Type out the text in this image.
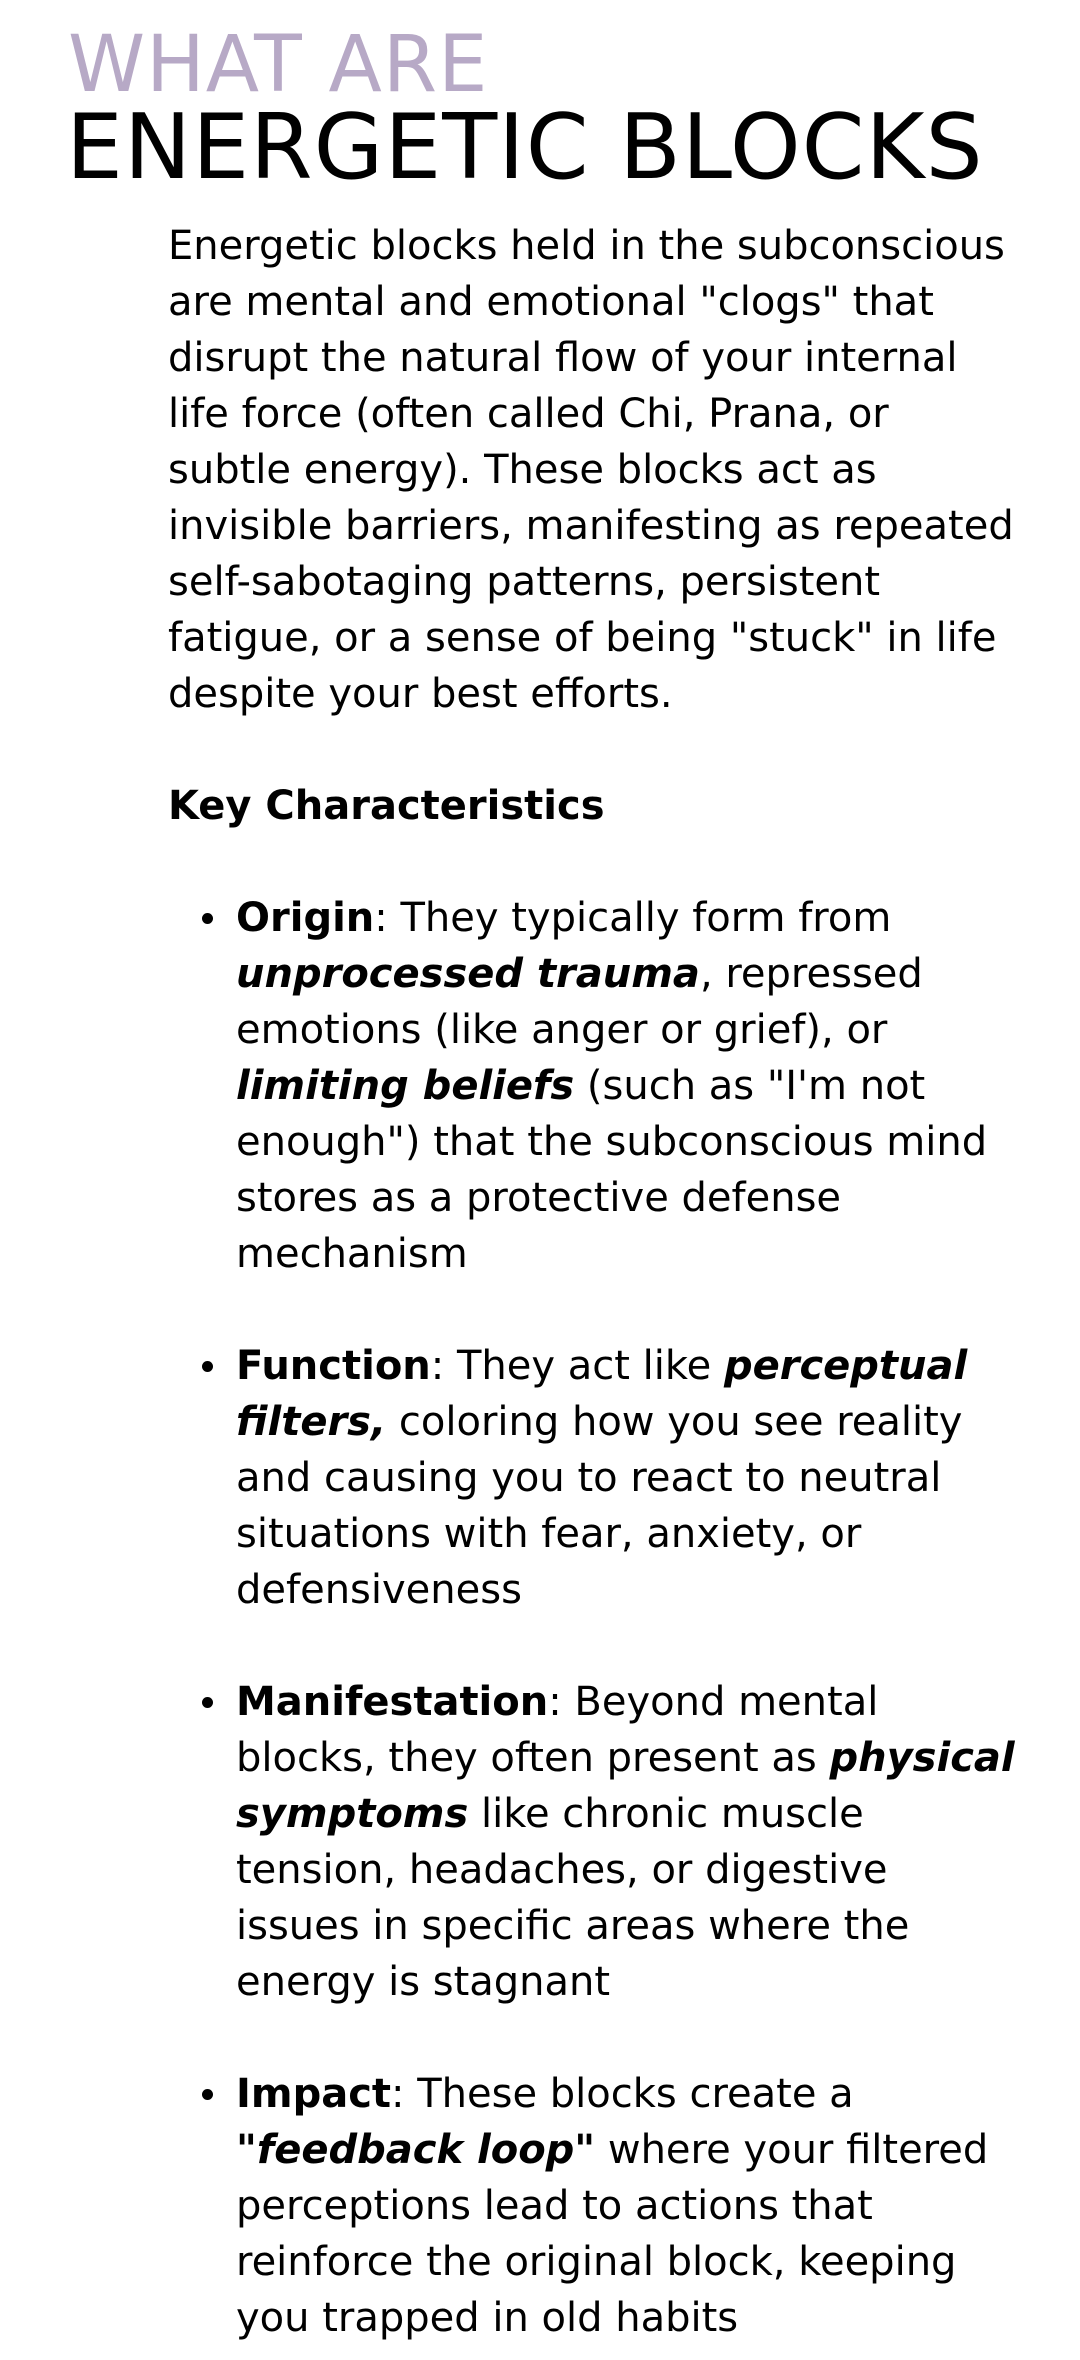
WHAT ARE
ENERGETIC BLOCKS

Energetic blocks held in the subconscious are mental and emotional "clogs" that disrupt the natural flow of your internal life force (often called Chi, Prana, or subtle energy). These blocks act as invisible barriers, manifesting as repeated self-sabotaging patterns, persistent fatigue, or a sense of being "stuck" in life despite your best efforts.

Key Characteristics

Origin: They typically form from unprocessed trauma, repressed emotions (like anger or grief), or limiting beliefs (such as "I'm not enough") that the subconscious mind stores as a protective defense mechanism
Function: They act like perceptual filters, coloring how you see reality and causing you to react to neutral situations with fear, anxiety, or defensiveness
Manifestation: Beyond mental blocks, they often present as physical symptoms like chronic muscle tension, headaches, or digestive issues in specific areas where the energy is stagnant
Impact: These blocks create a "feedback loop" where your filtered perceptions lead to actions that reinforce the original block, keeping you trapped in old habits
